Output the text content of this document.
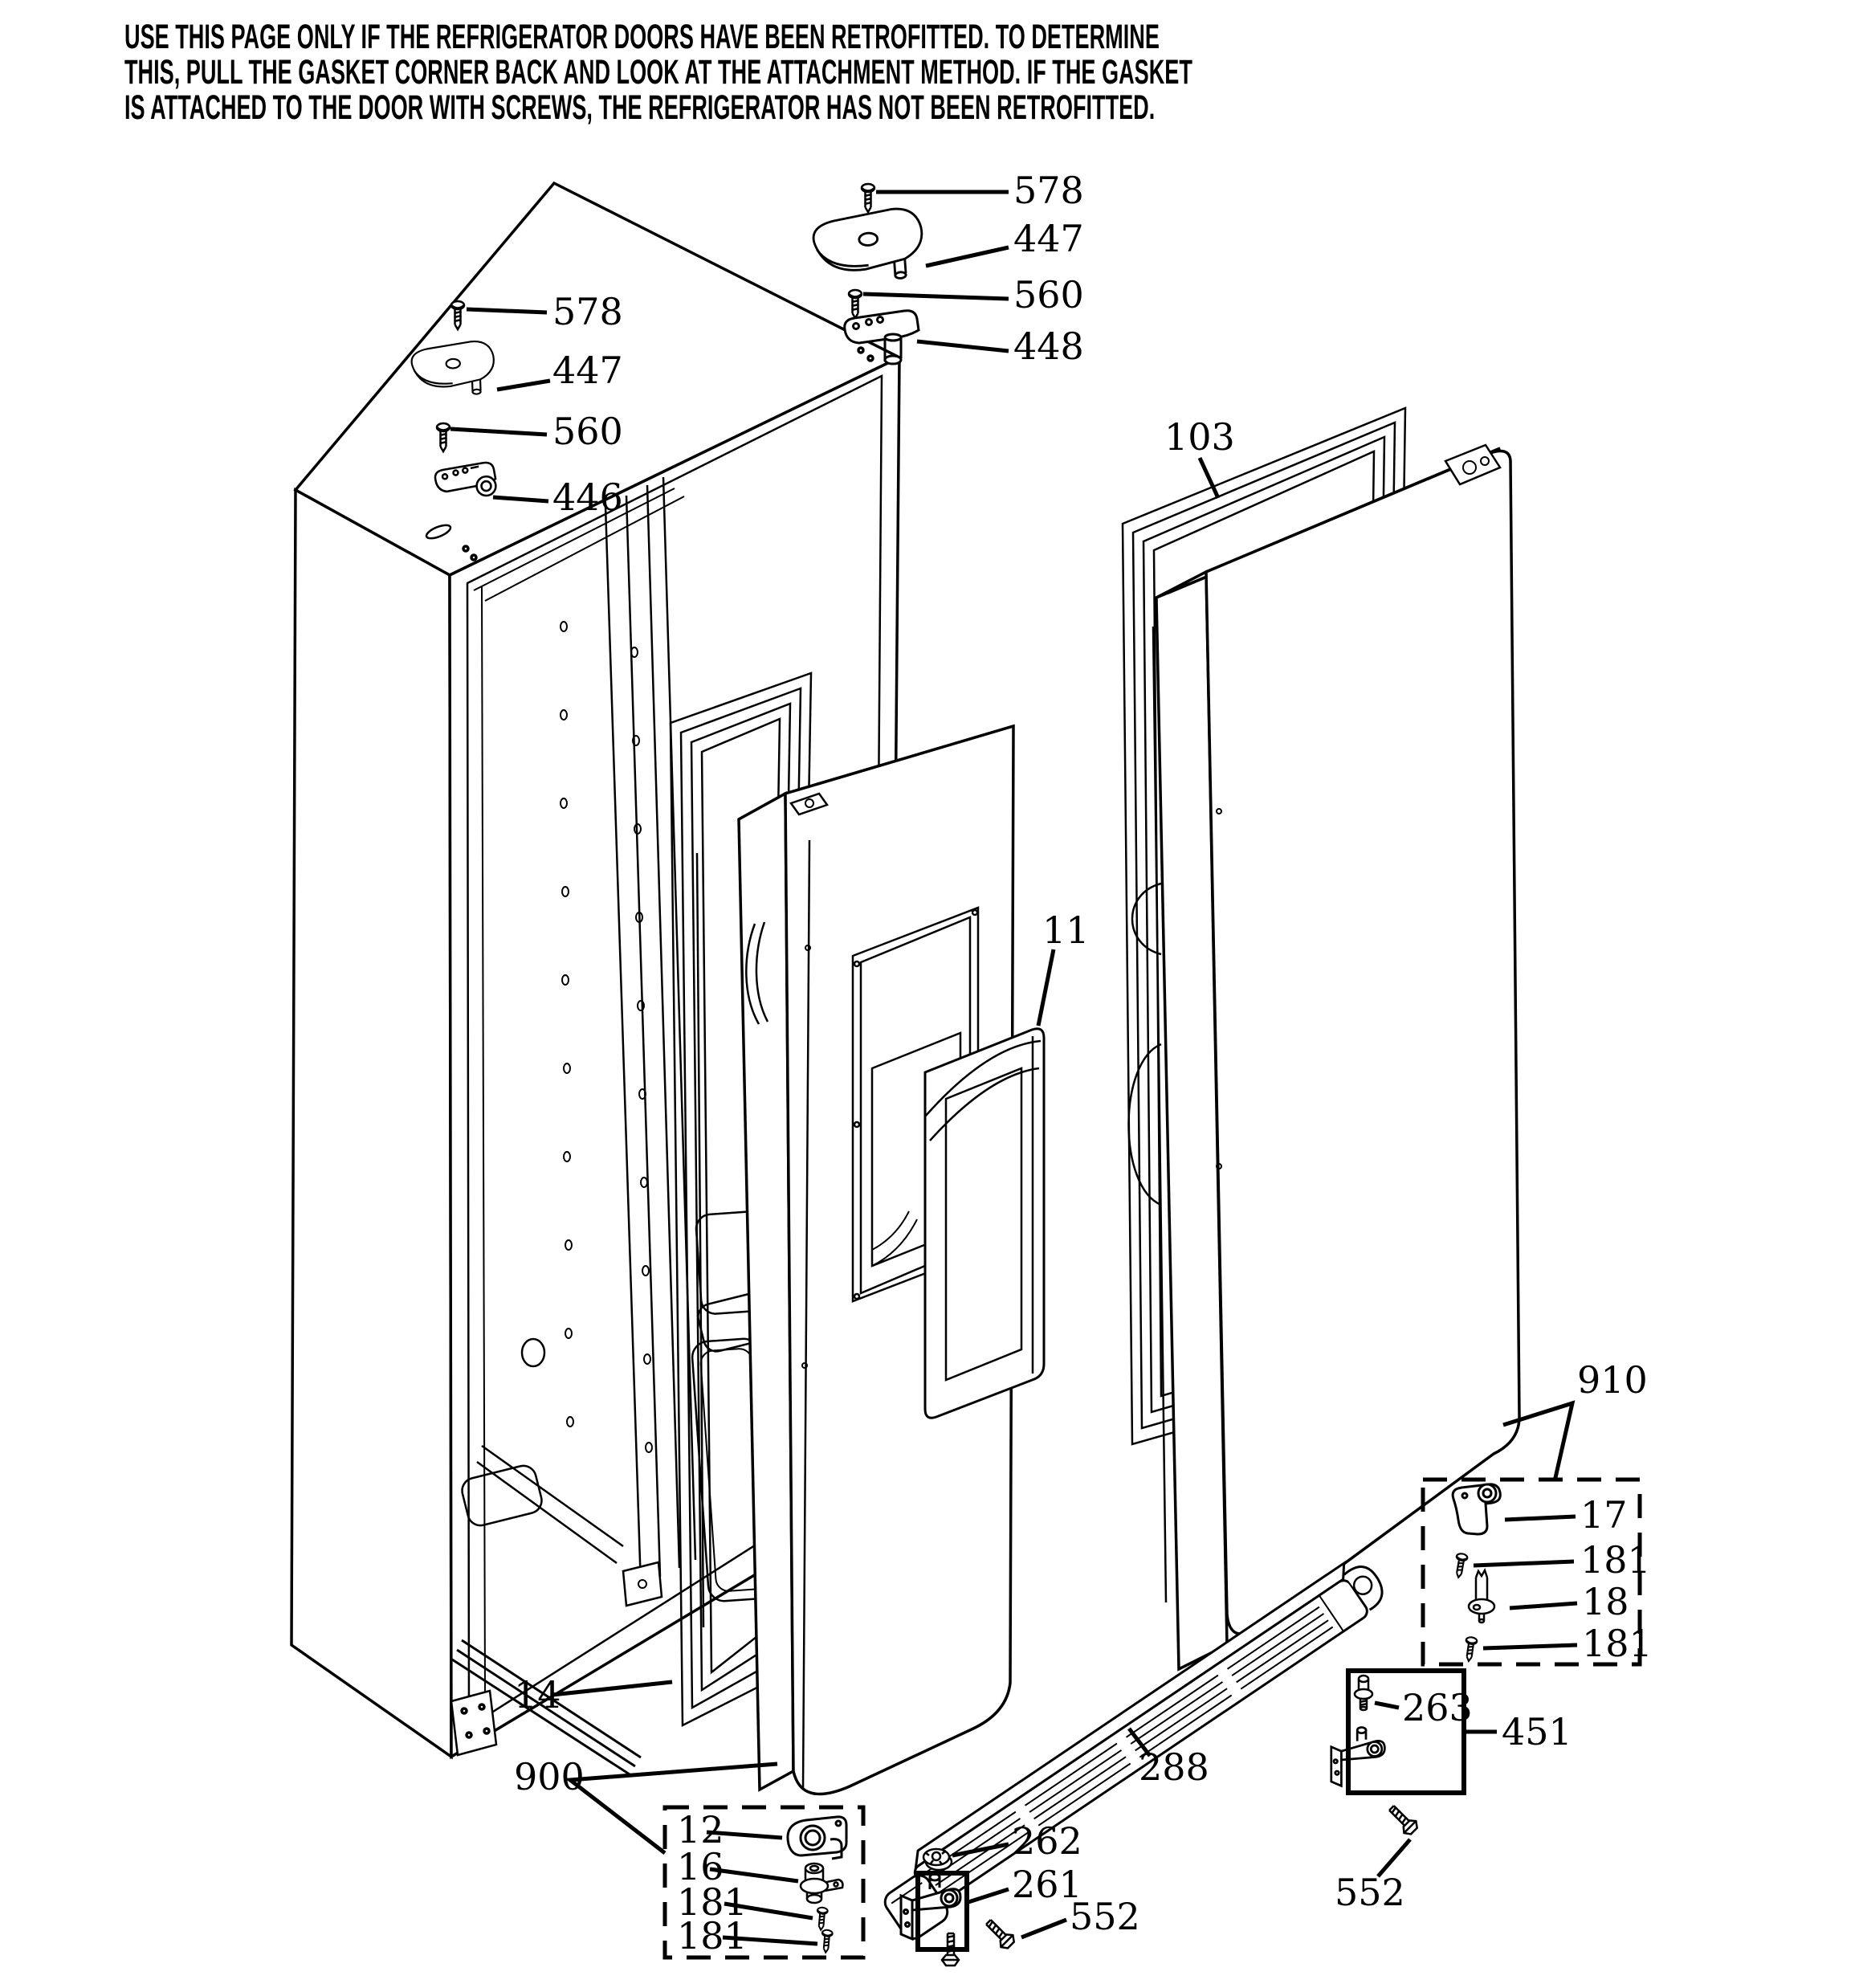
USE THIS PAGE ONLY IF THE REFRIGERATOR DOORS HAVE BEEN RETROFITTED. TO DETERMINE
THIS, PULL THE GASKET CORNER BACK AND LOOK AT THE ATTACHMENT METHOD. IF THE GASKET
IS ATTACHED TO THE DOOR WITH SCREWS, THE REFRIGERATOR HAS NOT BEEN RETROFITTED.
578
447
560
446
578
447
560
448
103
11
14
900
12
16
181
181
910
17
181
18
181
263
451
552
288
262
261
552
